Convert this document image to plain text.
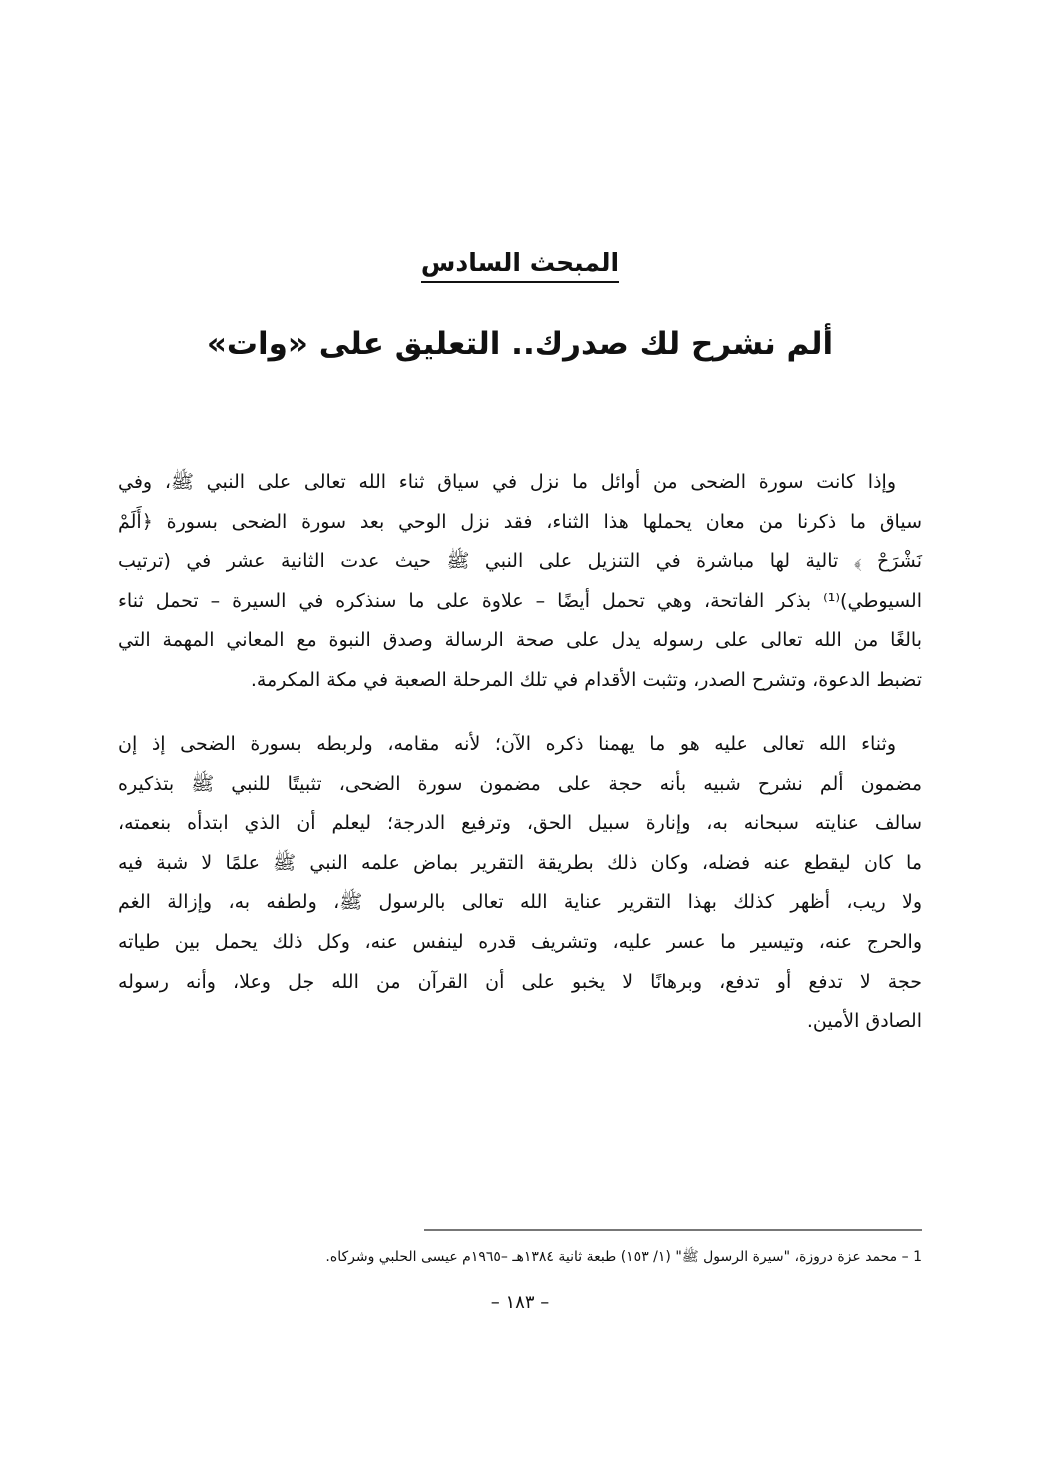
المبحث السادس
ألم نشرح لك صدرك.. التعليق على «وات»
وإذا كانت سورة الضحى من أوائل ما نزل في سياق ثناء الله تعالى على النبي ﷺ، وفي
سياق ما ذكرنا من معان يحملها هذا الثناء، فقد نزل الوحي بعد سورة الضحى بسورة ﴿أَلَمْ
نَشْرَحْ ﴾ تالية لها مباشرة في التنزيل على النبي ﷺ حيث عدت الثانية عشر في (ترتيب
السيوطي)⁽¹⁾ بذكر الفاتحة، وهي تحمل أيضًا – علاوة على ما سنذكره في السيرة – تحمل ثناء
بالغًا من الله تعالى على رسوله يدل على صحة الرسالة وصدق النبوة مع المعاني المهمة التي
تضبط الدعوة، وتشرح الصدر، وتثبت الأقدام في تلك المرحلة الصعبة في مكة المكرمة.
وثناء الله تعالى عليه هو ما يهمنا ذكره الآن؛ لأنه مقامه، ولربطه بسورة الضحى إذ إن
مضمون ألم نشرح شبيه بأنه حجة على مضمون سورة الضحى، تثبيتًا للنبي ﷺ بتذكيره
سالف عنايته سبحانه به، وإنارة سبيل الحق، وترفيع الدرجة؛ ليعلم أن الذي ابتدأه بنعمته،
ما كان ليقطع عنه فضله، وكان ذلك بطريقة التقرير بماض علمه النبي ﷺ علمًا لا شبة فيه
ولا ريب، أظهر كذلك بهذا التقرير عناية الله تعالى بالرسول ﷺ، ولطفه به، وإزالة الغم
والحرج عنه، وتيسير ما عسر عليه، وتشريف قدره لينفس عنه، وكل ذلك يحمل بين طياته
حجة لا تدفع أو تدفع، وبرهانًا لا يخبو على أن القرآن من الله جل وعلا، وأنه رسوله
الصادق الأمين.
1 – محمد عزة دروزة، "سيرة الرسول ﷺ" (١/ ١٥٣) طبعة ثانية ١٣٨٤هـ –١٩٦٥م عيسى الحلبي وشركاه.
– ١٨٣ –
